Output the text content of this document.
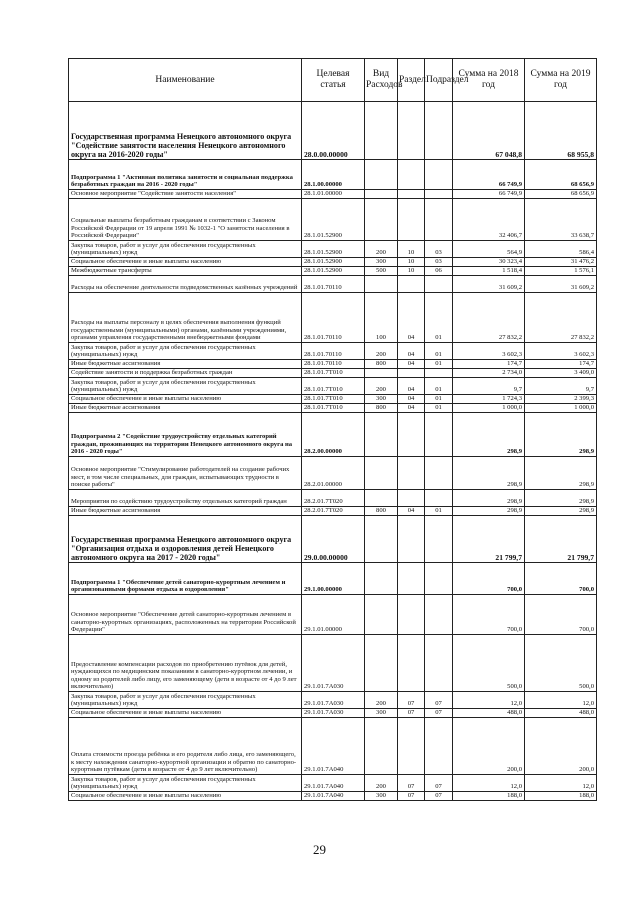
Наименование	Целевая статья	Вид Расходов	Раздел	Подраздел	Сумма на 2018 год	Сумма на 2019 год
Государственная программа Ненецкого автономного округа "Содействие занятости населения Ненецкого автономного округа на 2016-2020 годы"	28.0.00.00000				67 048,8	68 955,8
Подпрограмма 1 "Активная политика занятости и социальная поддержка безработных граждан на 2016 - 2020 годы"	28.1.00.00000				66 749,9	68 656,9
Основное мероприятие "Содействие занятости населения"	28.1.01.00000				66 749,9	68 656,9
Социальные выплаты безработным гражданам в соответствии с Законом Российской Федерации от 19 апреля 1991 № 1032-1 "О занятости населения в Российской Федерации"	28.1.01.52900				32 406,7	33 638,7
Закупка товаров, работ и услуг для обеспечения государственных (муниципальных) нужд	28.1.01.52900	200	10	03	564,9	586,4
Социальное обеспечение и иные выплаты населению	28.1.01.52900	300	10	03	30 323,4	31 476,2
Межбюджетные трансферты	28.1.01.52900	500	10	06	1 518,4	1 576,1
Расходы на обеспечение деятельности подведомственных казённых учреждений	28.1.01.70110				31 609,2	31 609,2
Расходы на выплаты персоналу в целях обеспечения выполнения функций государственными (муниципальными) органами, казёнными учреждениями, органами управления государственными внебюджетными фондами	28.1.01.70110	100	04	01	27 832,2	27 832,2
Закупка товаров, работ и услуг для обеспечения государственных (муниципальных) нужд	28.1.01.70110	200	04	01	3 602,3	3 602,3
Иные бюджетные ассигнования	28.1.01.70110	800	04	01	174,7	174,7
Содействие занятости и поддержка безработных граждан	28.1.01.7Т010				2 734,0	3 409,0
Закупка товаров, работ и услуг для обеспечения государственных (муниципальных) нужд	28.1.01.7Т010	200	04	01	9,7	9,7
Социальное обеспечение и иные выплаты населению	28.1.01.7Т010	300	04	01	1 724,3	2 399,3
Иные бюджетные ассигнования	28.1.01.7Т010	800	04	01	1 000,0	1 000,0
Подпрограмма 2 "Содействие трудоустройству отдельных категорий граждан, проживающих на территории Ненецкого автономного округа на 2016 - 2020 годы"	28.2.00.00000				298,9	298,9
Основное мероприятие "Стимулирование работодателей на создание рабочих мест, в том числе специальных, для граждан, испытывающих трудности в поиске работы"	28.2.01.00000				298,9	298,9
Мероприятия по содействию трудоустройству отдельных категорий граждан	28.2.01.7Т020				298,9	298,9
Иные бюджетные ассигнования	28.2.01.7Т020	800	04	01	298,9	298,9
Государственная программа Ненецкого автономного округа "Организация отдыха и оздоровления детей Ненецкого автономного округа на 2017 - 2020 годы"	29.0.00.00000				21 799,7	21 799,7
Подпрограмма 1 "Обеспечение детей санаторно-курортным лечением и организованными формами отдыха и оздоровления"	29.1.00.00000				700,0	700,0
Основное мероприятие "Обеспечение детей санаторно-курортным лечением в санаторно-курортных организациях, расположенных на территории Российской Федерации"	29.1.01.00000				700,0	700,0
Предоставление компенсации расходов по приобретению путёвок для детей, нуждающихся по медицинским показаниям в санаторно-курортном лечении, и одному из родителей либо лицу, его заменяющему (дети в возрасте от 4 до 9 лет включительно)	29.1.01.7А030				500,0	500,0
Закупка товаров, работ и услуг для обеспечения государственных (муниципальных) нужд	29.1.01.7А030	200	07	07	12,0	12,0
Социальное обеспечение и иные выплаты населению	29.1.01.7А030	300	07	07	488,0	488,0
Оплата стоимости проезда ребёнка и его родителя либо лица, его заменяющего, к месту нахождения санаторно-курортной организации и обратно по санаторно-курортным путёвкам (дети в возрасте от 4 до 9 лет включительно)	29.1.01.7А040				200,0	200,0
Закупка товаров, работ и услуг для обеспечения государственных (муниципальных) нужд	29.1.01.7А040	200	07	07	12,0	12,0
Социальное обеспечение и иные выплаты населению	29.1.01.7А040	300	07	07	188,0	188,0
29
